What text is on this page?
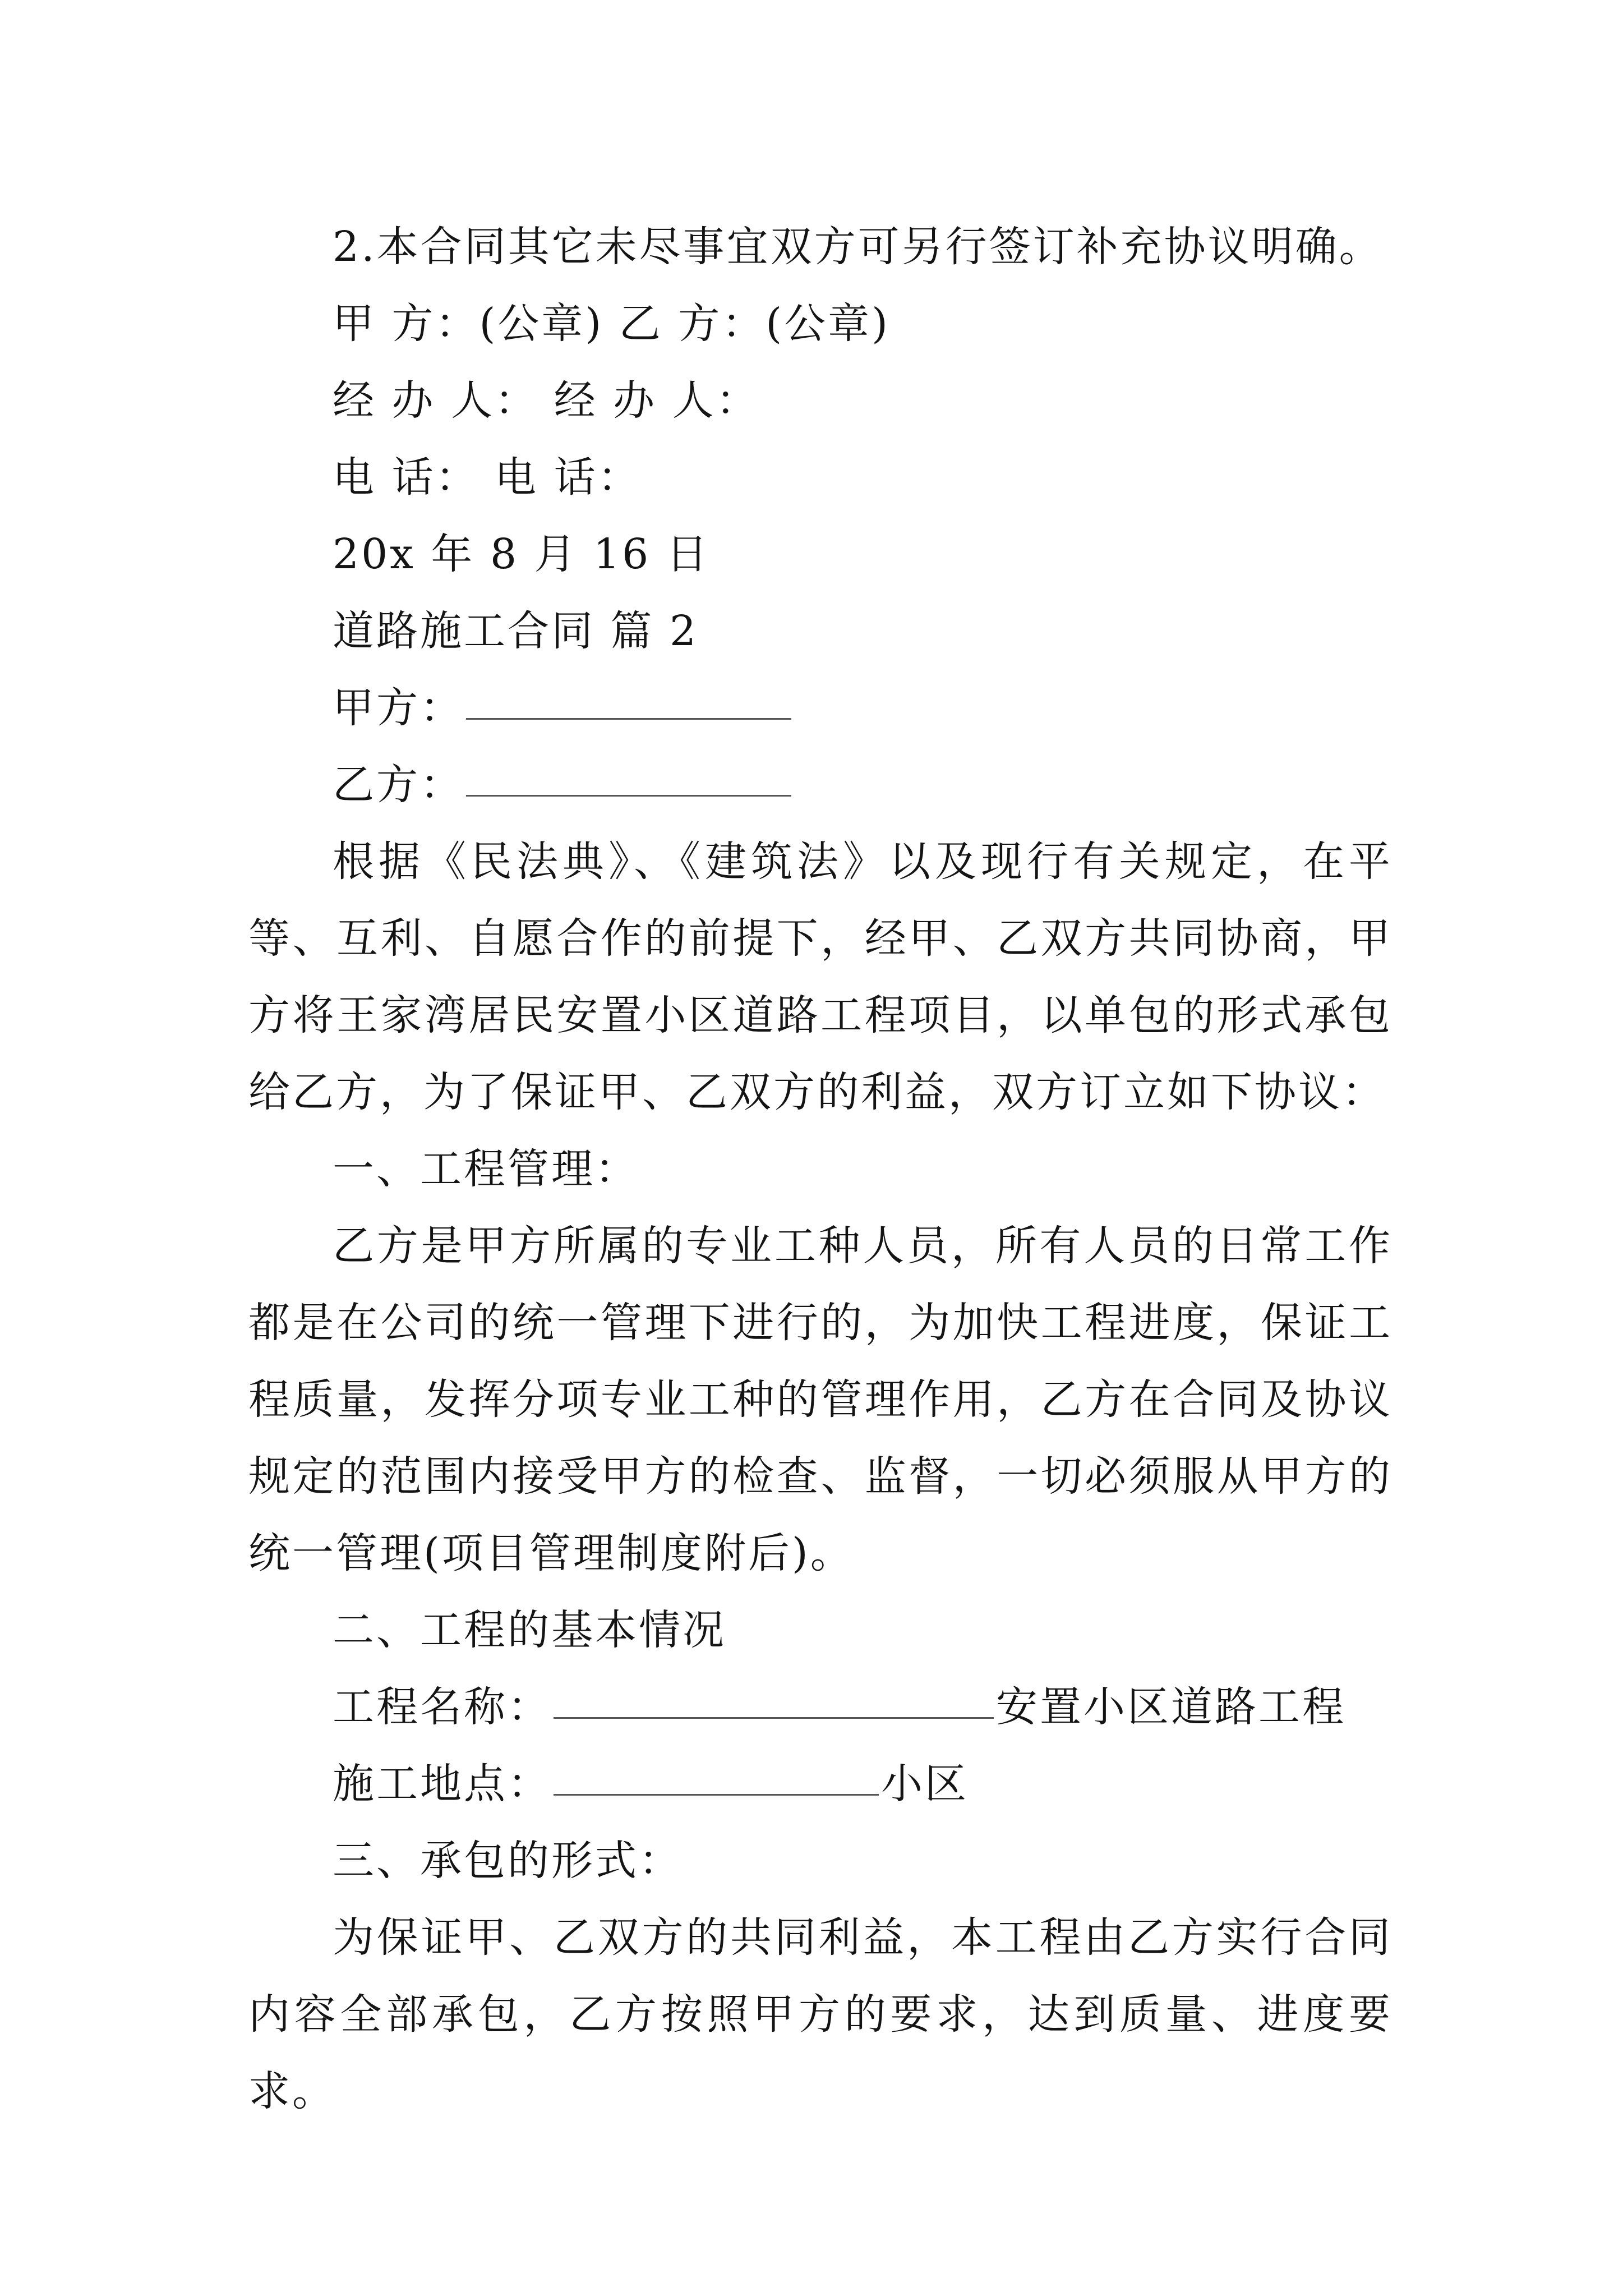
2.本合同其它未尽事宜双方可另行签订补充协议明确。
甲 方：(公章) 乙 方：(公章)
经 办 人： 经 办 人：
电 话： 电 话：
20x 年 8 月 16 日
道路施工合同 篇 2
甲方：
乙方：

根据《民法典》、《建筑法》以及现行有关规定，在平等、互利、自愿合作的前提下，经甲、乙双方共同协商，甲方将王家湾居民安置小区道路工程项目，以单包的形式承包给乙方，为了保证甲、乙双方的利益，双方订立如下协议：

一、工程管理：

乙方是甲方所属的专业工种人员，所有人员的日常工作都是在公司的统一管理下进行的，为加快工程进度，保证工程质量，发挥分项专业工种的管理作用，乙方在合同及协议规定的范围内接受甲方的检查、监督，一切必须服从甲方的统一管理(项目管理制度附后)。

二、工程的基本情况
工程名称：	安置小区道路工程
施工地点：	小区
三、承包的形式：

为保证甲、乙双方的共同利益，本工程由乙方实行合同内容全部承包，乙方按照甲方的要求，达到质量、进度要求。
